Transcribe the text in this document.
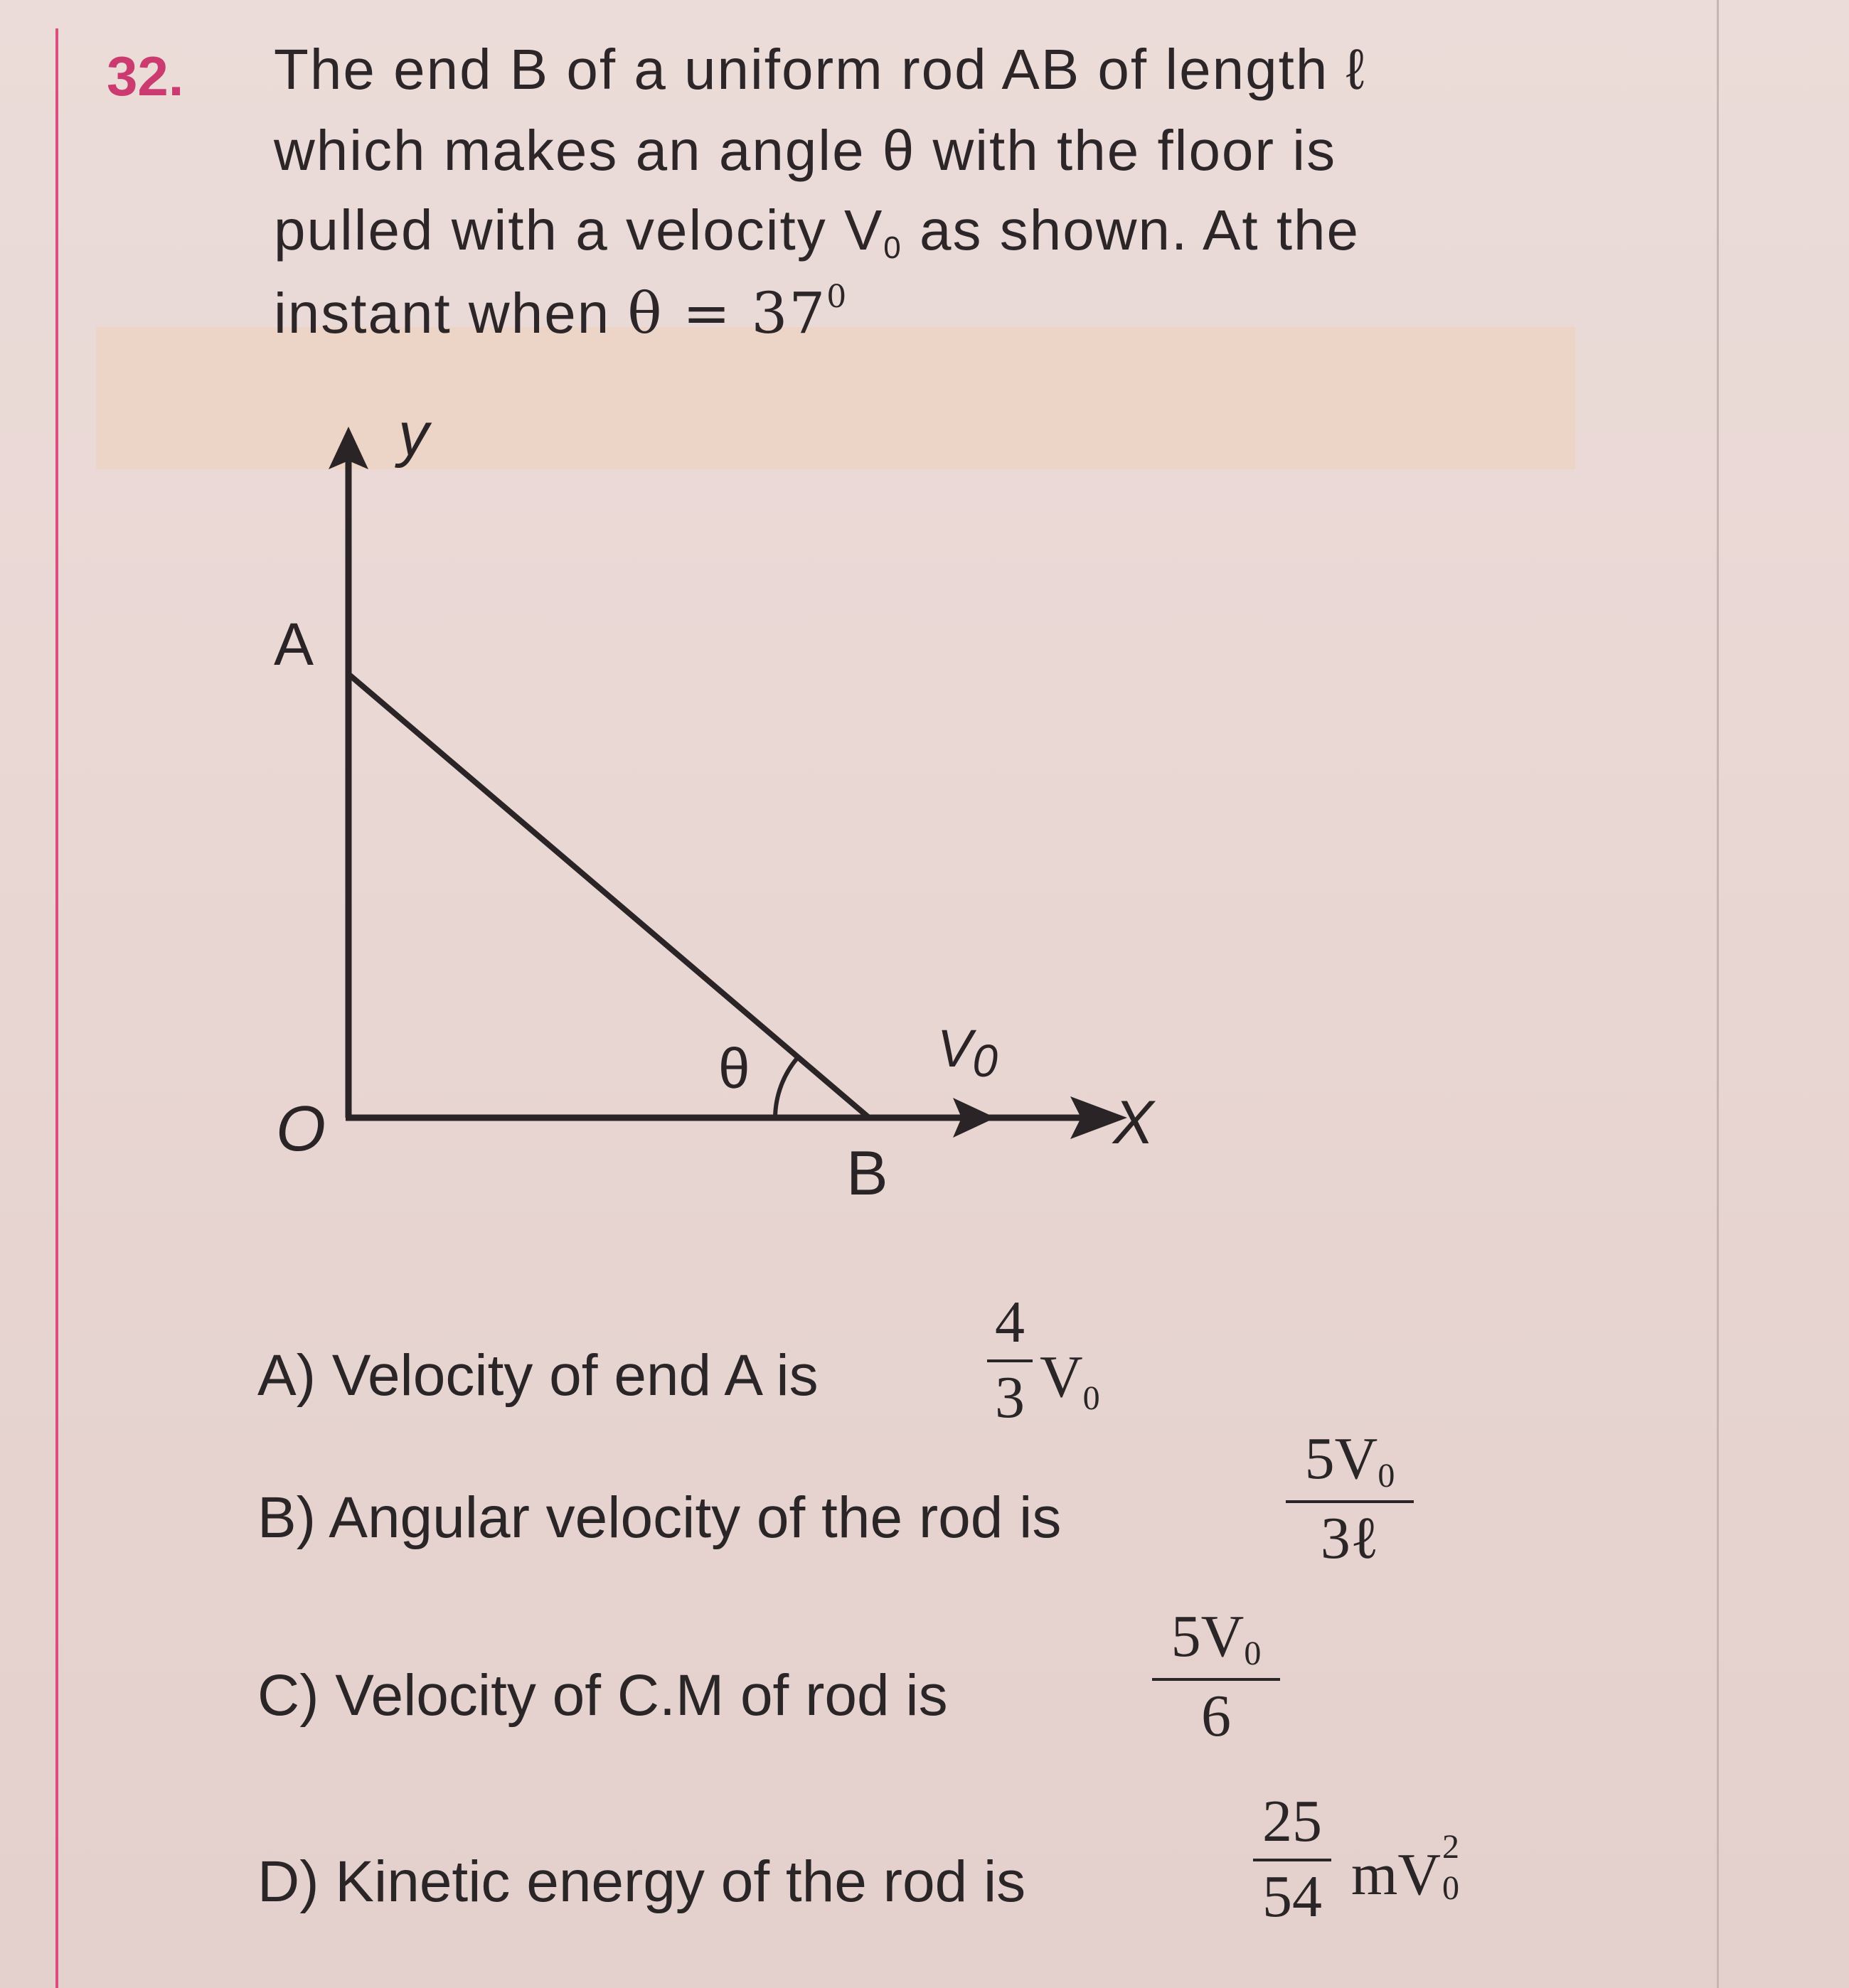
32. The end B of a uniform rod AB of length ℓ
which makes an angle θ with the floor is
pulled with a velocity $V_0$ as shown. At the
instant when $\theta = 37^0$
y
X
O
A
B
θ	V0
A) Velocity of end A is
4
3 $V_0$
B) Angular velocity of the rod is
$5V_0$
3ℓ
C) Velocity of C.M of rod is
$5V_0$
6
D) Kinetic energy of the rod is
25
54 mV 2
0
